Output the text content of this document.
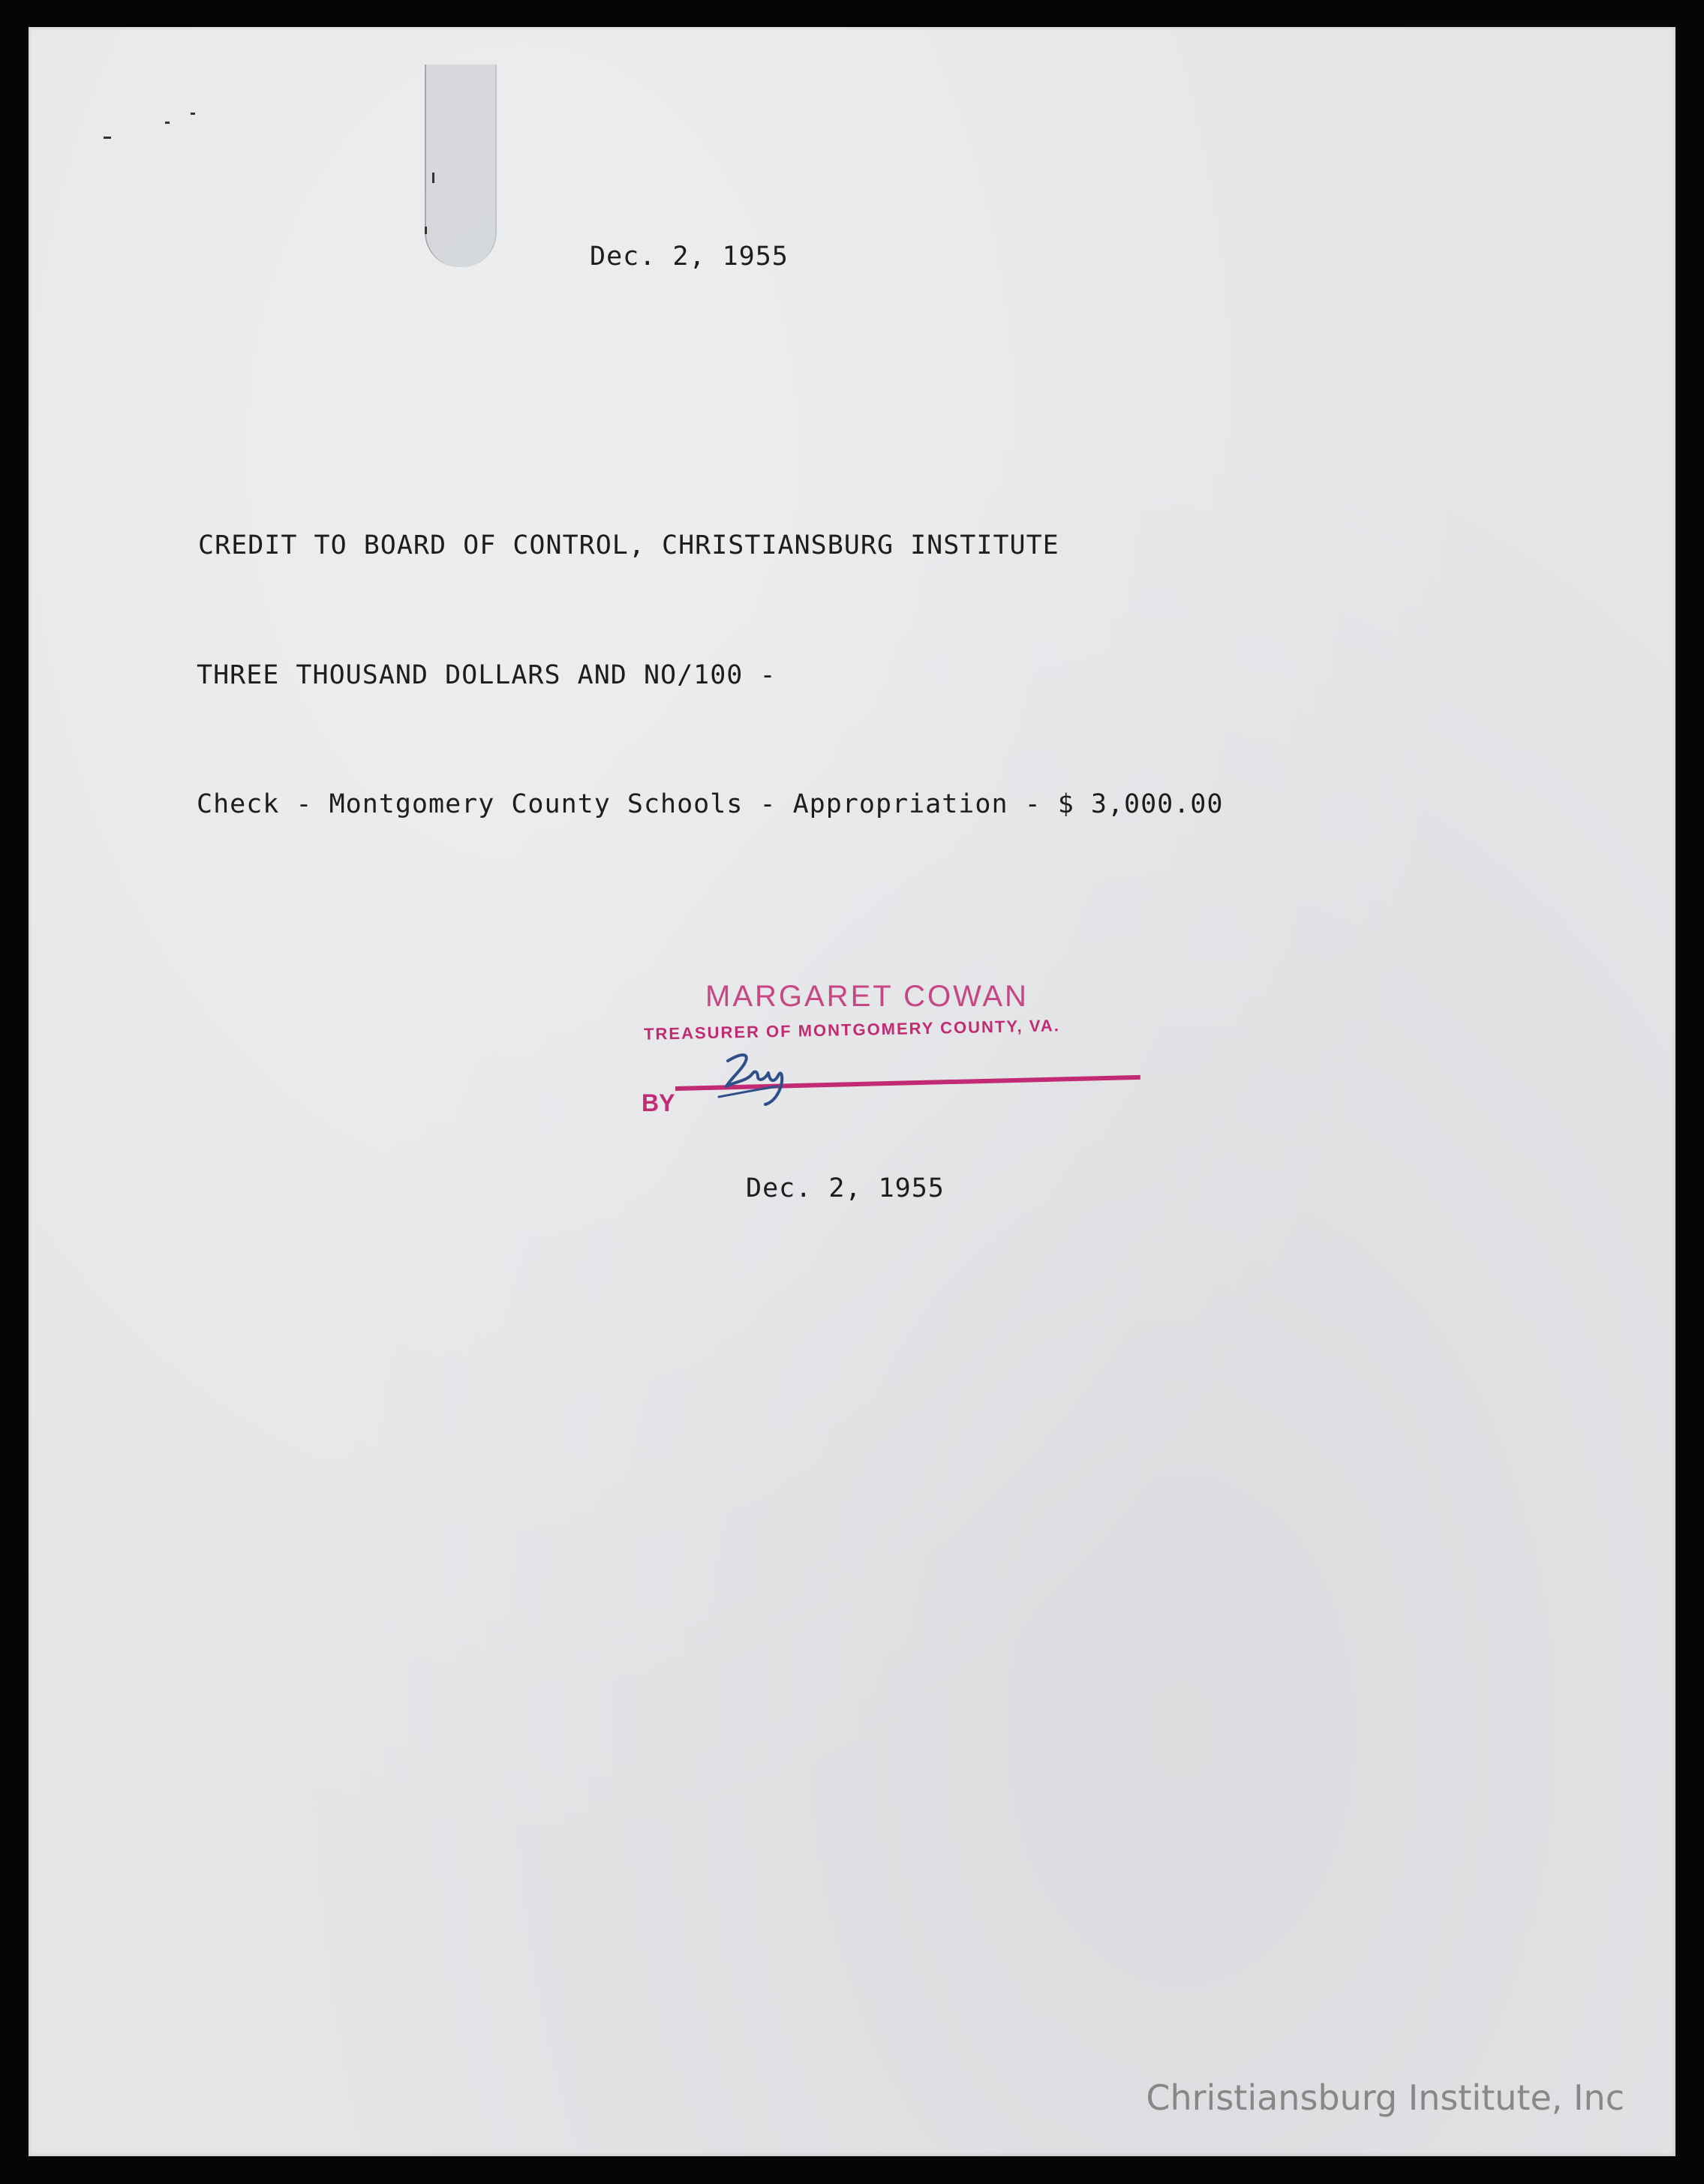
Dec. 2, 1955
CREDIT TO BOARD OF CONTROL, CHRISTIANSBURG INSTITUTE
THREE THOUSAND DOLLARS AND NO/100 -
Check - Montgomery County Schools - Appropriation - $ 3,000.00
MARGARET COWAN
TREASURER OF MONTGOMERY COUNTY, VA.
BY
Dec. 2, 1955
Christiansburg Institute, Inc
